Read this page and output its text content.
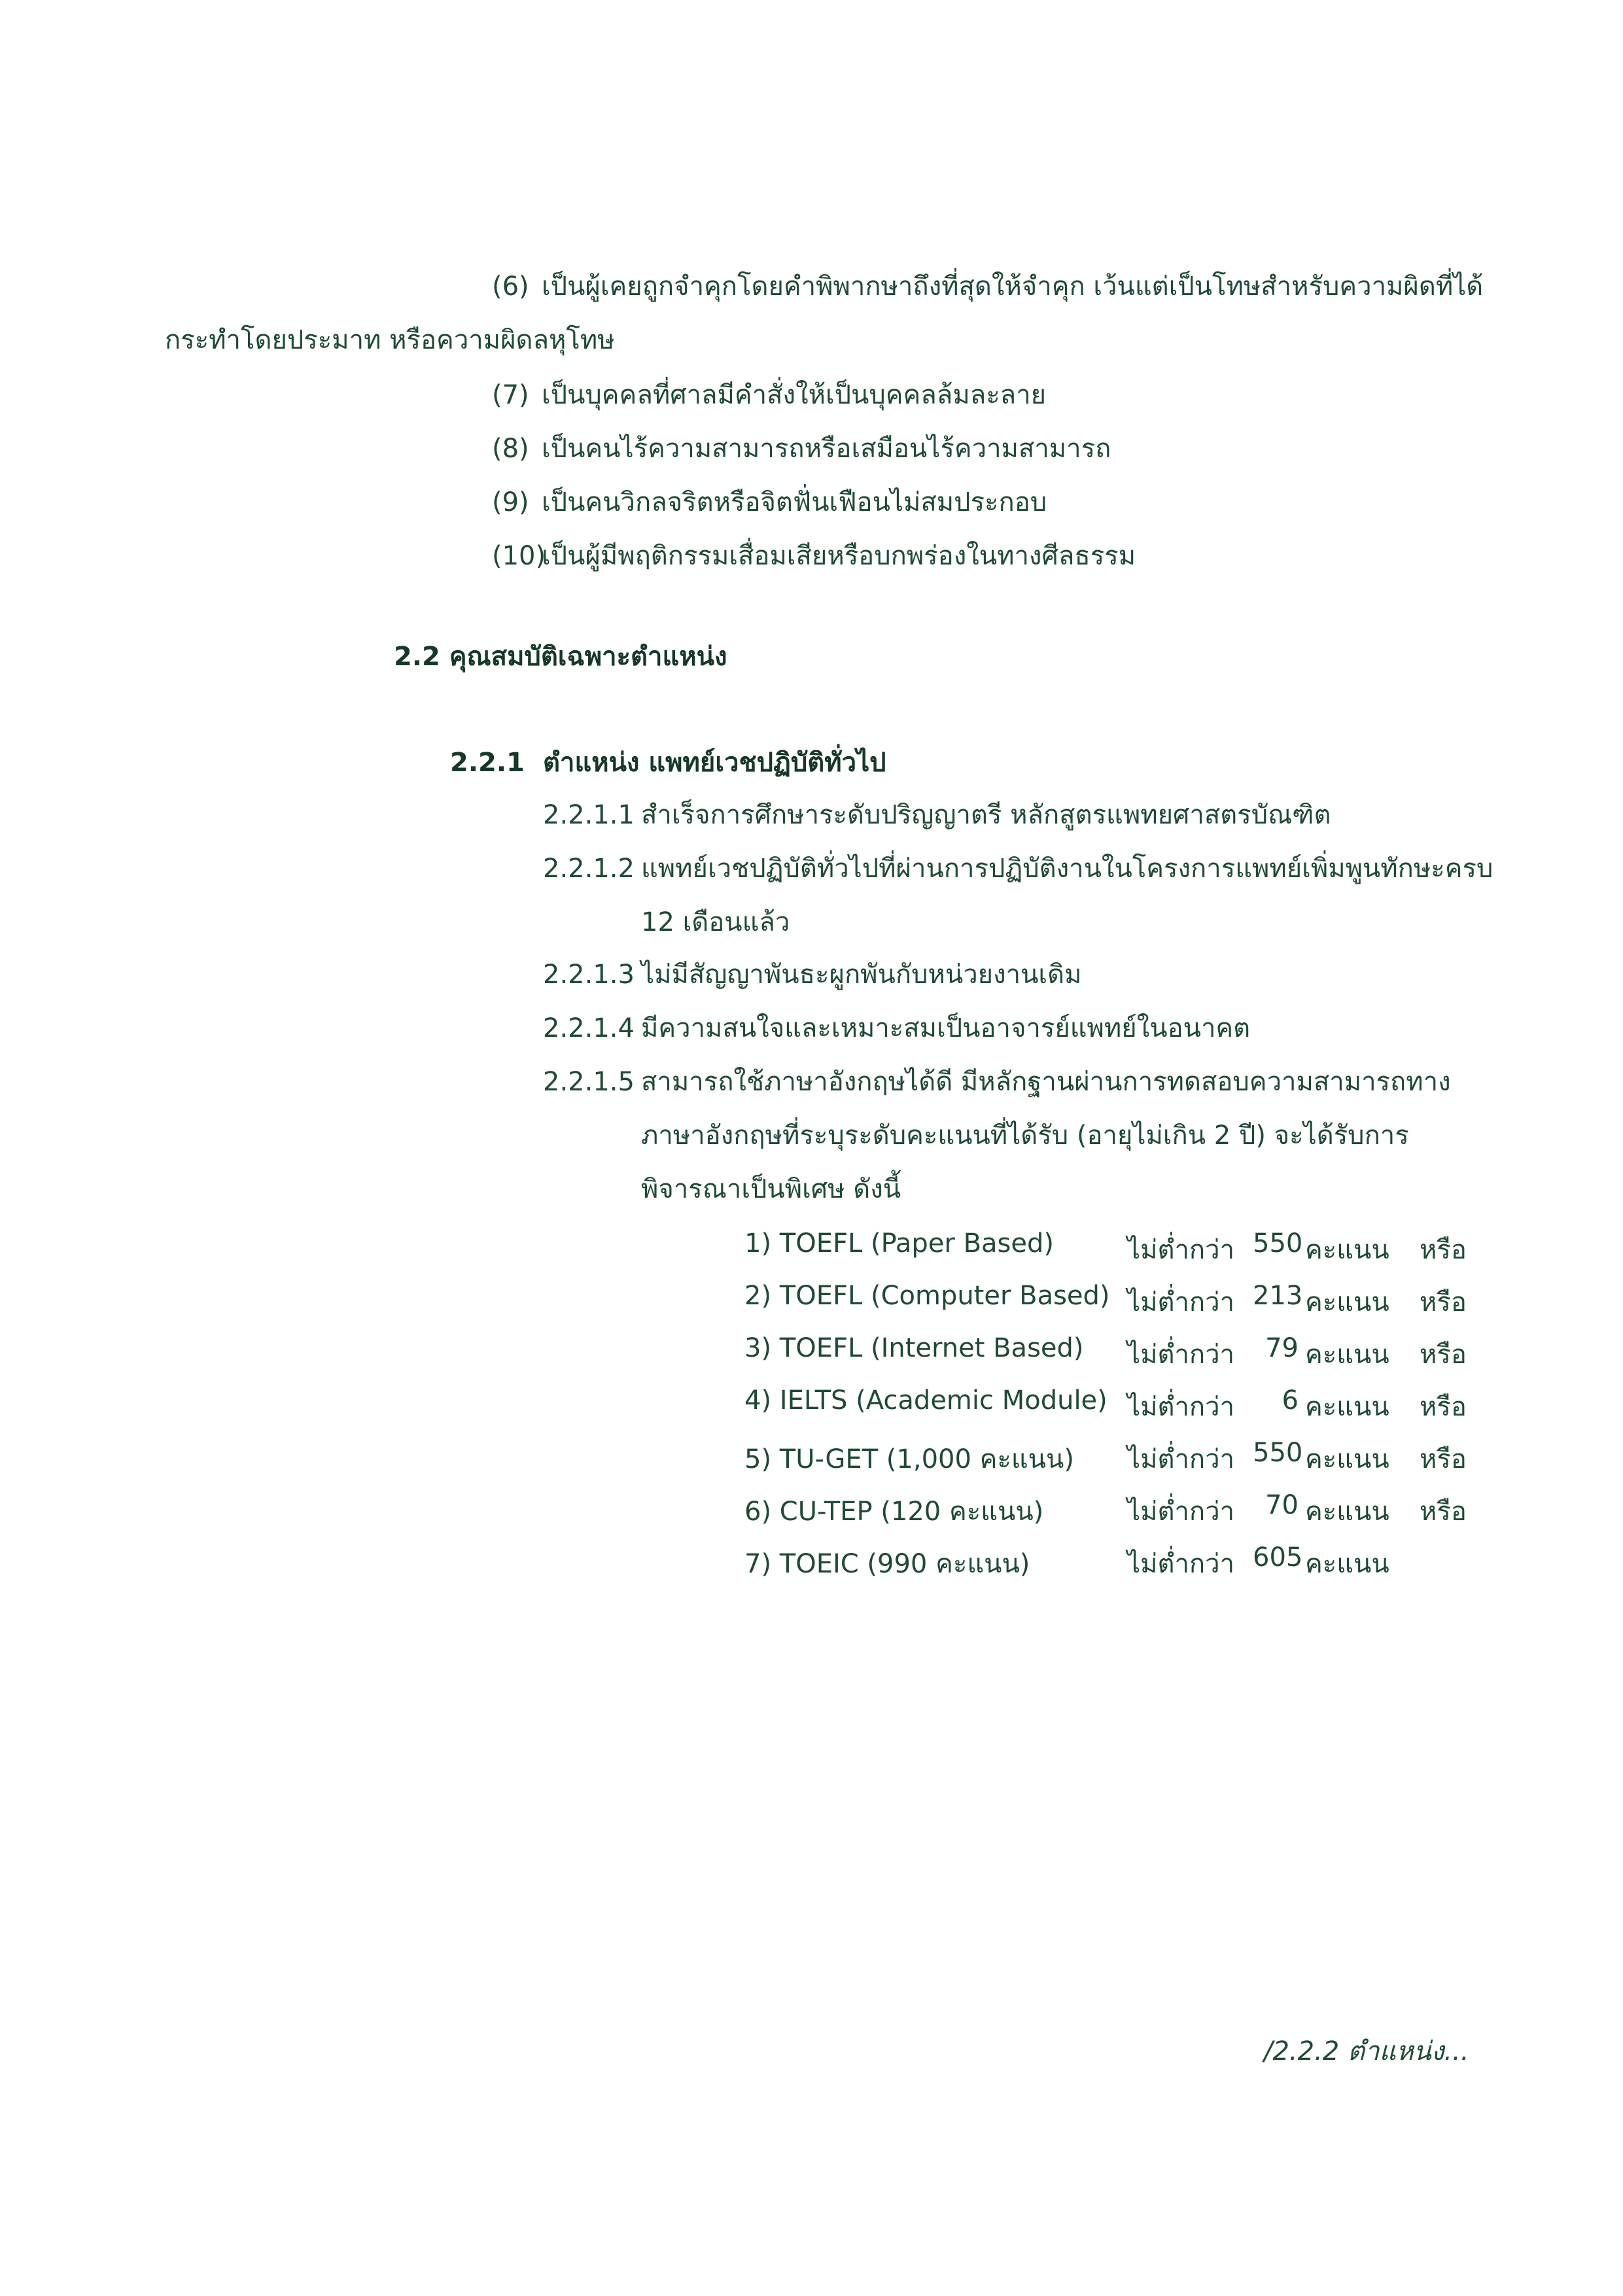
(6) เป็นผู้เคยถูกจำคุกโดยคำพิพากษาถึงที่สุดให้จำคุก เว้นแต่เป็นโทษสำหรับความผิดที่ได้
กระทำโดยประมาท หรือความผิดลหุโทษ
(7) เป็นบุคคลที่ศาลมีคำสั่งให้เป็นบุคคลล้มละลาย
(8) เป็นคนไร้ความสามารถหรือเสมือนไร้ความสามารถ
(9) เป็นคนวิกลจริตหรือจิตฟั่นเฟือนไม่สมประกอบ
(10)
เป็นผู้มีพฤติกรรมเสื่อมเสียหรือบกพร่องในทางศีลธรรม
2.2 คุณสมบัติเฉพาะตำแหน่ง
2.2.1 ตำแหน่ง แพทย์เวชปฏิบัติทั่วไป
2.2.1.1 สำเร็จการศึกษาระดับปริญญาตรี หลักสูตรแพทยศาสตรบัณฑิต
2.2.1.2 แพทย์เวชปฏิบัติทั่วไปที่ผ่านการปฏิบัติงานในโครงการแพทย์เพิ่มพูนทักษะครบ
12 เดือนแล้ว
2.2.1.3 ไม่มีสัญญาพันธะผูกพันกับหน่วยงานเดิม
2.2.1.4 มีความสนใจและเหมาะสมเป็นอาจารย์แพทย์ในอนาคต
2.2.1.5 สามารถใช้ภาษาอังกฤษได้ดี มีหลักฐานผ่านการทดสอบความสามารถทาง
ภาษาอังกฤษที่ระบุระดับคะแนนที่ได้รับ (อายุไม่เกิน 2 ปี) จะได้รับการ
พิจารณาเป็นพิเศษ ดังนี้
1) TOEFL (Paper Based)	ไม่ต่ำกว่า 550 คะแนน หรือ
2) TOEFL (Computer Based) ไม่ต่ำกว่า 213 คะแนน หรือ
3) TOEFL (Internet Based) ไม่ต่ำกว่า	79 คะแนน หรือ
4) IELTS (Academic Module) ไม่ต่ำกว่า	6 คะแนน หรือ
5) TU-GET (1,000 คะแนน) ไม่ต่ำกว่า 550 คะแนน หรือ
6) CU-TEP (120 คะแนน)	ไม่ต่ำกว่า	70 คะแนน หรือ
7) TOEIC (990 คะแนน)	ไม่ต่ำกว่า 605 คะแนน
/2.2.2 ตำแหน่ง...
